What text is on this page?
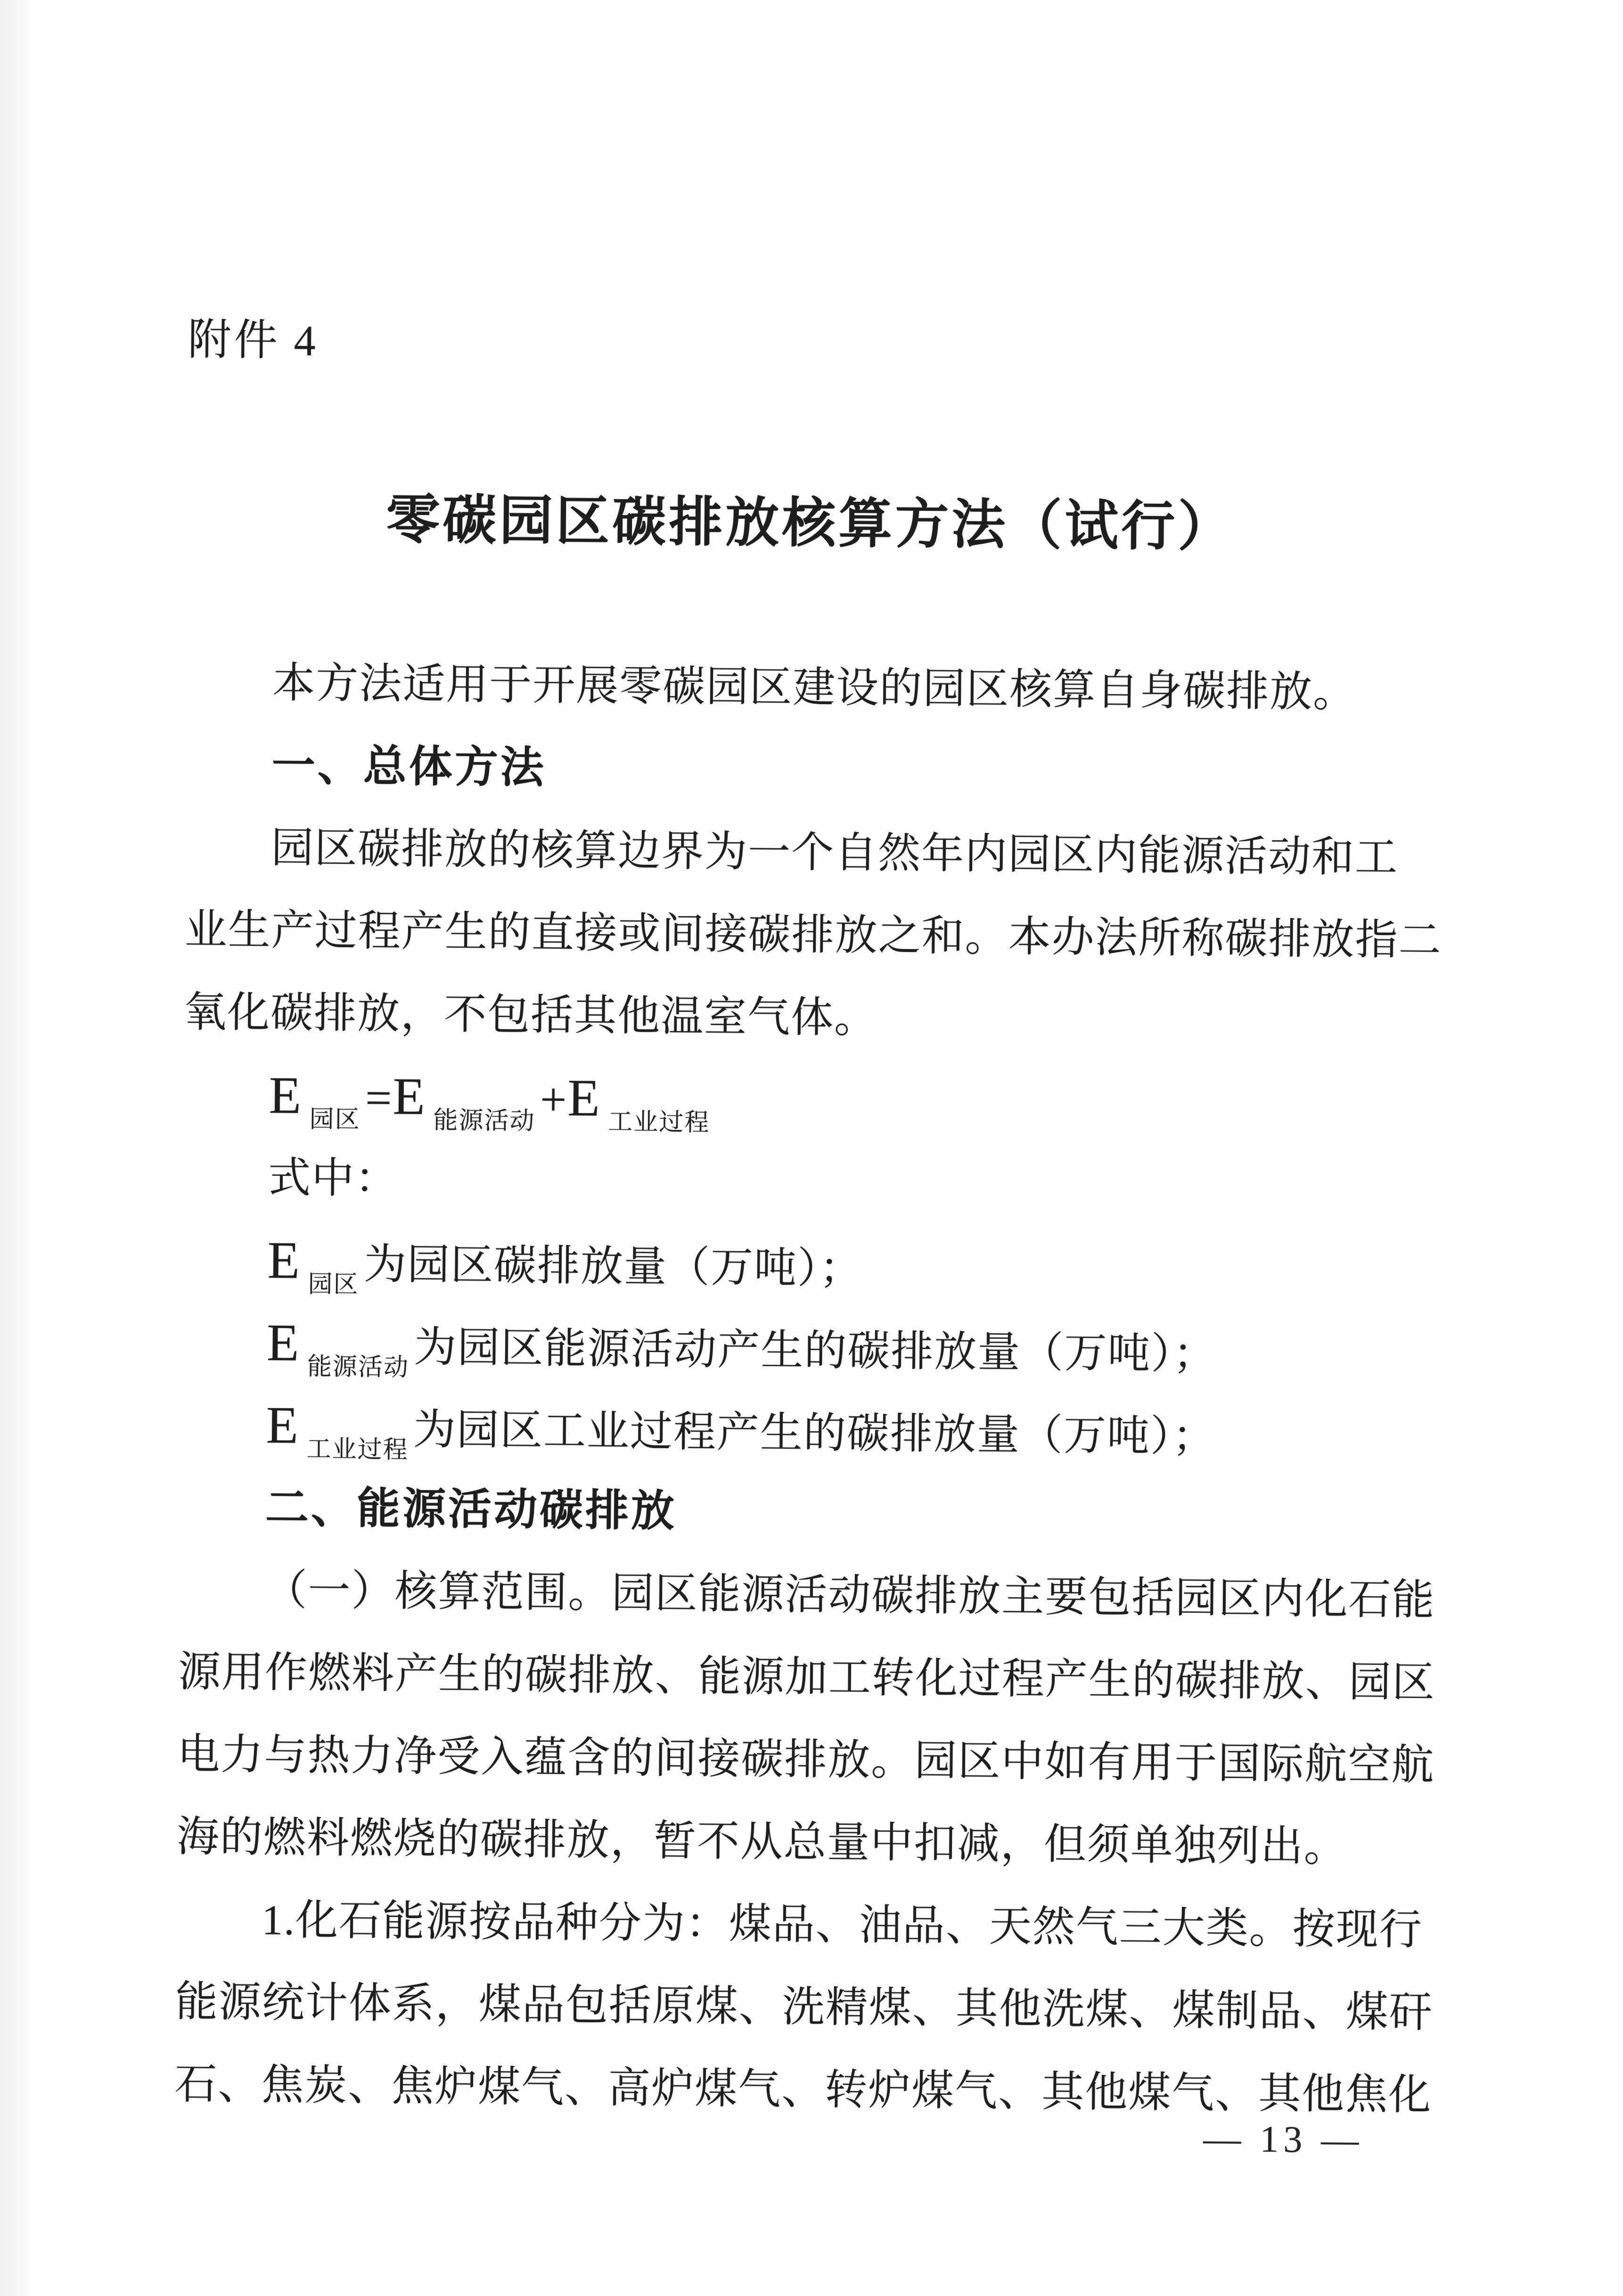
附件 4
零碳园区碳排放核算方法（试行）
本方法适用于开展零碳园区建设的园区核算自身碳排放。
一、总体方法
园区碳排放的核算边界为一个自然年内园区内能源活动和工
业生产过程产生的直接或间接碳排放之和。本办法所称碳排放指二
氧化碳排放，不包括其他温室气体。
E $_{园区}$=E $_{能源活动}$+E $_{工业过程}$
式中：
E $_{园区}$ 为园区碳排放量（万吨）；
E $_{能源活动}$ 为园区能源活动产生的碳排放量（万吨）；
E $_{工业过程}$ 为园区工业过程产生的碳排放量（万吨）；
二、能源活动碳排放
（一）核算范围。园区能源活动碳排放主要包括园区内化石能
源用作燃料产生的碳排放、能源加工转化过程产生的碳排放、园区
电力与热力净受入蕴含的间接碳排放。园区中如有用于国际航空航
海的燃料燃烧的碳排放，暂不从总量中扣减，但须单独列出。
1.化石能源按品种分为：煤品、油品、天然气三大类。按现行
能源统计体系，煤品包括原煤、洗精煤、其他洗煤、煤制品、煤矸
石、焦炭、焦炉煤气、高炉煤气、转炉煤气、其他煤气、其他焦化
— 13 —
